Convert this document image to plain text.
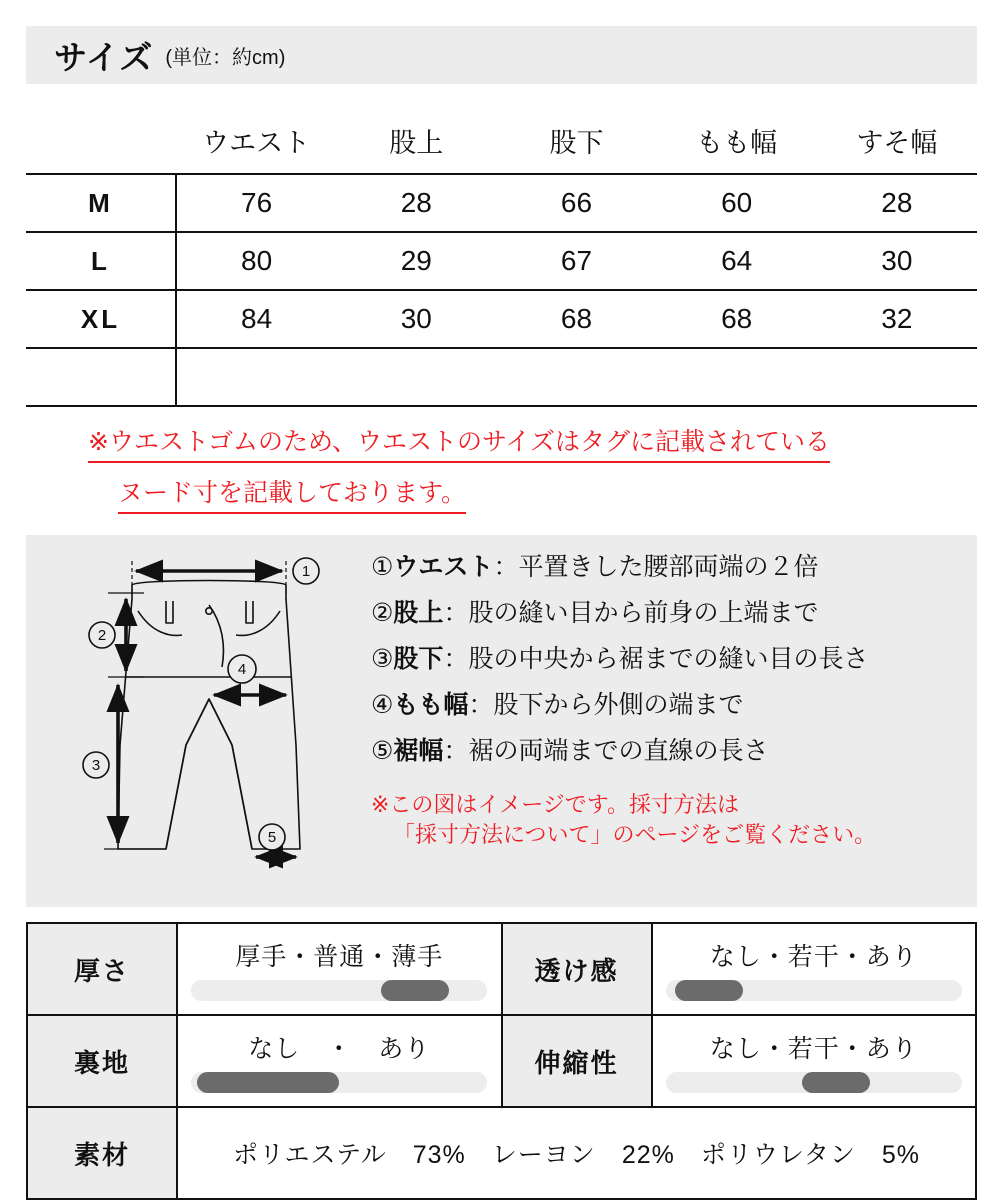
サイズ (単位：約cm)
	ウエスト	股上	股下	もも幅	すそ幅
M	76	28	66	60	28
L	80	29	67	64	30
XL	84	30	68	68	32

※ウエストゴムのため、ウエストのサイズはタグに記載されている
ヌード寸を記載しております。
1
2
3
4
5
①ウエスト：平置きした腰部両端の２倍
②股上：股の縫い目から前身の上端まで
③股下：股の中央から裾までの縫い目の長さ
④もも幅：股下から外側の端まで
⑤裾幅：裾の両端までの直線の長さ
※この図はイメージです。採寸方法は
「採寸方法について」のページをご覧ください。
厚さ	厚手・普通・薄手	透け感	なし・若干・あり

裏地	なし　・　あり	伸縮性	なし・若干・あり

素材	ポリエステル 73% レーヨン 22% ポリウレタン 5%		
